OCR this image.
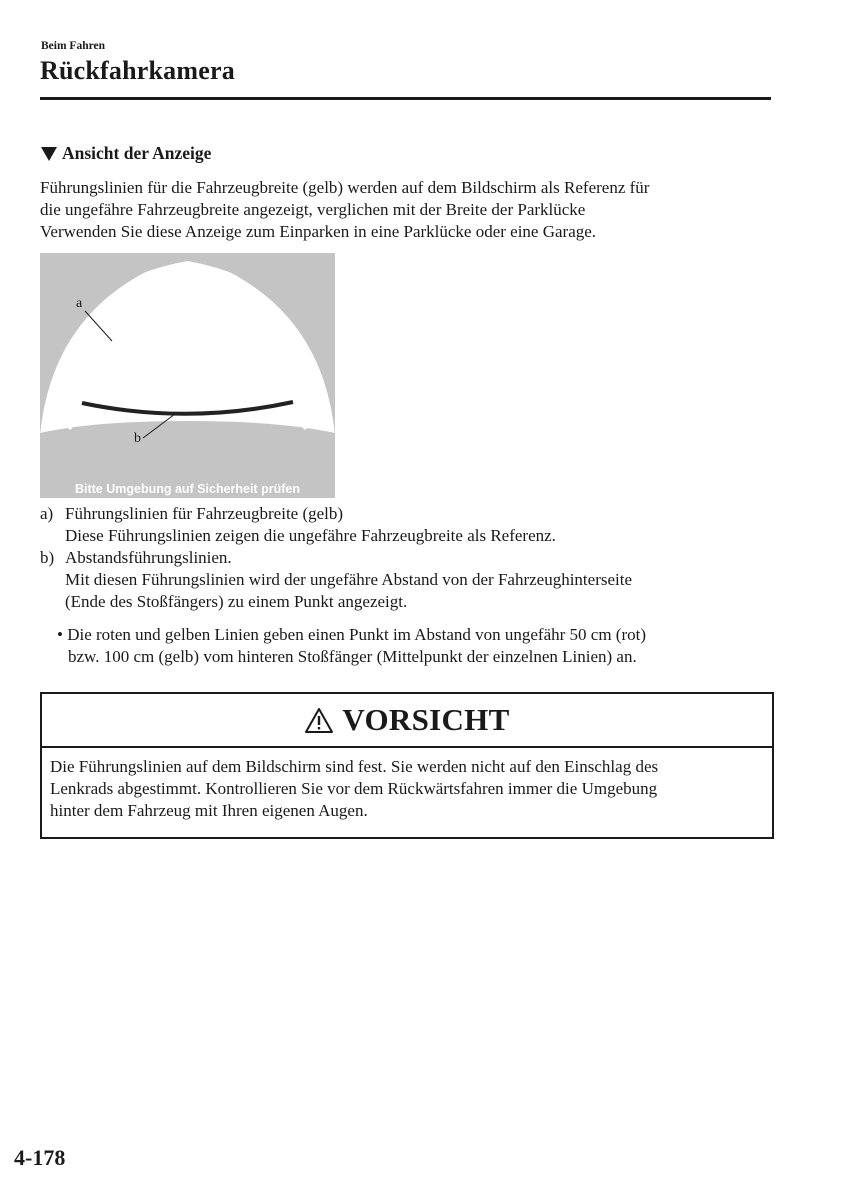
Beim Fahren
Rückfahrkamera
Ansicht der Anzeige
Führungslinien für die Fahrzeugbreite (gelb) werden auf dem Bildschirm als Referenz für
die ungefähre Fahrzeugbreite angezeigt, verglichen mit der Breite der Parklücke
Verwenden Sie diese Anzeige zum Einparken in eine Parklücke oder eine Garage.
a
b
Bitte Umgebung auf Sicherheit prüfen
a) Führungslinien für Fahrzeugbreite (gelb)
Diese Führungslinien zeigen die ungefähre Fahrzeugbreite als Referenz.
b) Abstandsführungslinien.
Mit diesen Führungslinien wird der ungefähre Abstand von der Fahrzeughinterseite
(Ende des Stoßfängers) zu einem Punkt angezeigt.
• Die roten und gelben Linien geben einen Punkt im Abstand von ungefähr 50 cm (rot)
bzw. 100 cm (gelb) vom hinteren Stoßfänger (Mittelpunkt der einzelnen Linien) an.
VORSICHT
Die Führungslinien auf dem Bildschirm sind fest. Sie werden nicht auf den Einschlag des
Lenkrads abgestimmt. Kontrollieren Sie vor dem Rückwärtsfahren immer die Umgebung
hinter dem Fahrzeug mit Ihren eigenen Augen.
4-178
